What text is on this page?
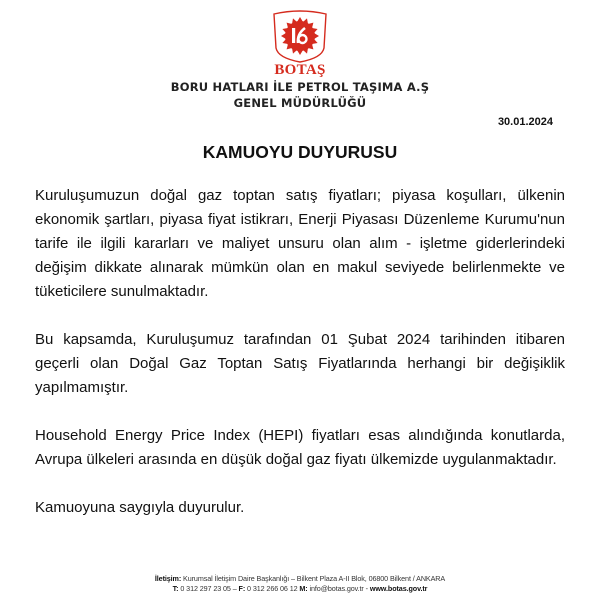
BOTAŞ
BORU HATLARI İLE PETROL TAŞIMA A.Ş
GENEL MÜDÜRLÜĞÜ
30.01.2024
KAMUOYU DUYURUSU

Kuruluşumuzun doğal gaz toptan satış fiyatları; piyasa koşulları, ülkenin ekonomik şartları, piyasa fiyat istikrarı, Enerji Piyasası Düzenleme Kurumu'nun tarife ile ilgili kararları ve maliyet unsuru olan alım - işletme giderlerindeki değişim dikkate alınarak mümkün olan en makul seviyede belirlenmekte ve tüketicilere sunulmaktadır.

Bu kapsamda, Kuruluşumuz tarafından 01 Şubat 2024 tarihinden itibaren geçerli olan Doğal Gaz Toptan Satış Fiyatlarında herhangi bir değişiklik yapılmamıştır.

Household Energy Price Index (HEPI) fiyatları esas alındığında konutlarda, Avrupa ülkeleri arasında en düşük doğal gaz fiyatı ülkemizde uygulanmaktadır.

Kamuoyuna saygıyla duyurulur.

İletişim: Kurumsal İletişim Daire Başkanlığı – Bilkent Plaza A-II Blok, 06800 Bilkent / ANKARA
T: 0 312 297 23 05 – F: 0 312 266 06 12 M: info@botas.gov.tr - www.botas.gov.tr
